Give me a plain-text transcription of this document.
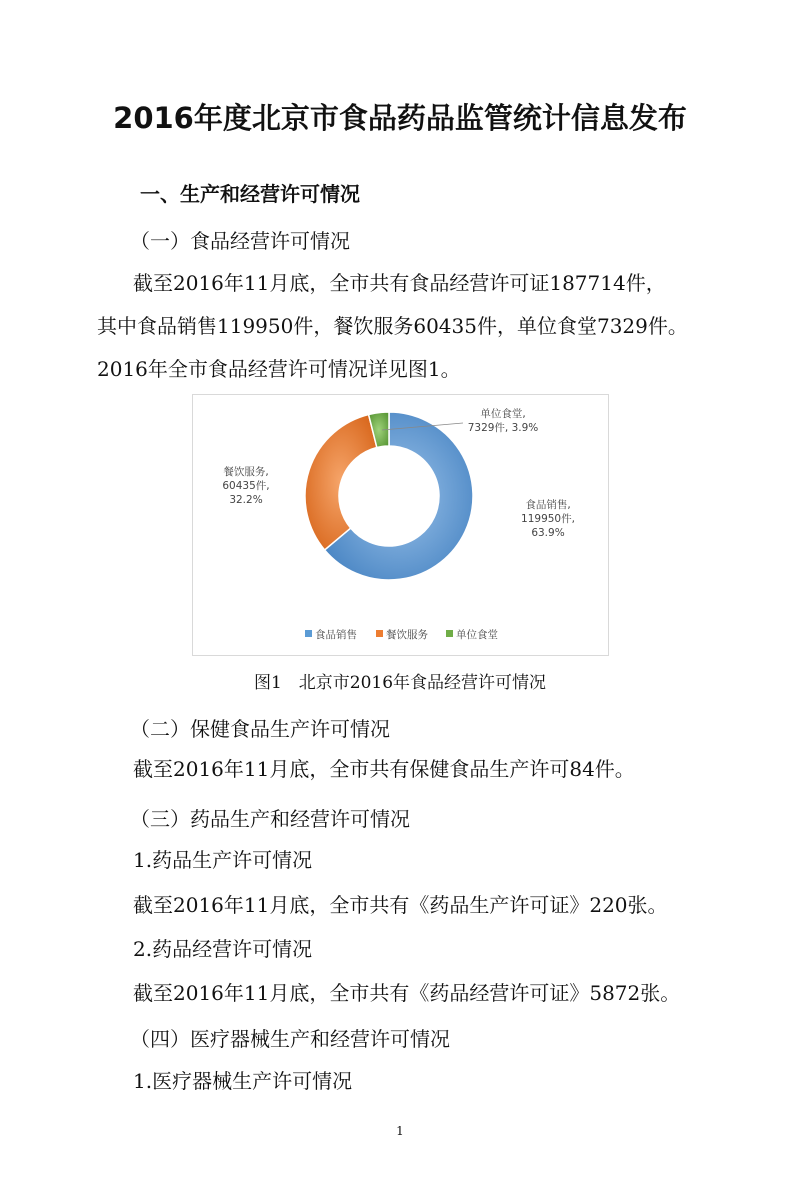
2016年度北京市食品药品监管统计信息发布
一、生产和经营许可情况
（一）食品经营许可情况
截至2016年11月底，全市共有食品经营许可证187714件，
其中食品销售119950件，餐饮服务60435件，单位食堂7329件。
2016年全市食品经营许可情况详见图1。
食品销售,
119950件,
63.9%
餐饮服务,
60435件,
32.2%
单位食堂,
7329件, 3.9%
食品销售	餐饮服务	单位食堂
图1　北京市2016年食品经营许可情况
（二）保健食品生产许可情况
截至2016年11月底，全市共有保健食品生产许可84件。
（三）药品生产和经营许可情况
1.药品生产许可情况
截至2016年11月底，全市共有《药品生产许可证》220张。
2.药品经营许可情况
截至2016年11月底，全市共有《药品经营许可证》5872张。
（四）医疗器械生产和经营许可情况
1.医疗器械生产许可情况
1
